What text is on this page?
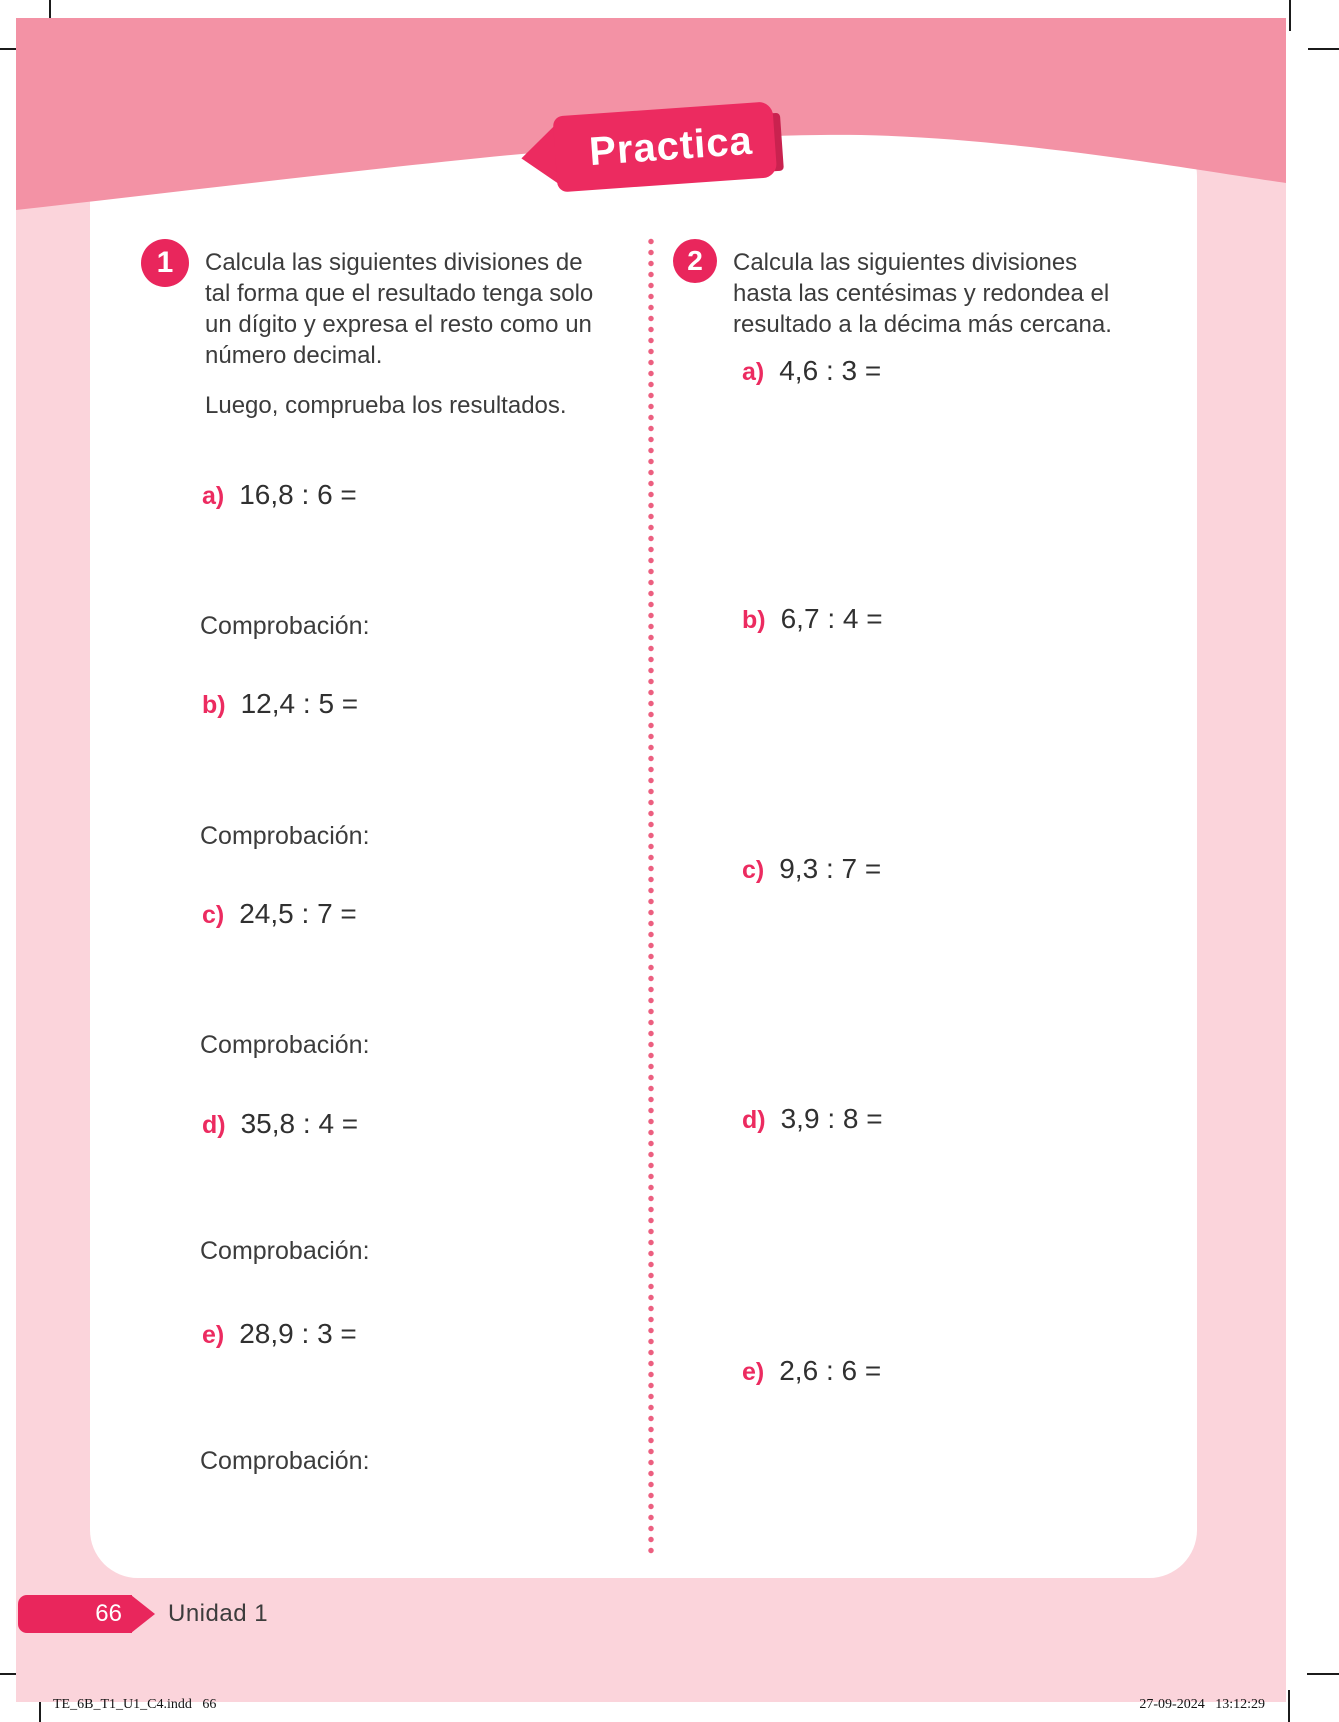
Practica
1	Calcula las siguientes divisiones de
tal forma que el resultado tenga solo
un dígito y expresa el resto como un
número decimal.
Luego, comprueba los resultados.
a) 16,8 : 6 =
Comprobación:
b) 12,4 : 5 =
Comprobación:
c) 24,5 : 7 =
Comprobación:
d) 35,8 : 4 =
Comprobación:
e) 28,9 : 3 =
Comprobación:
2	Calcula las siguientes divisiones
hasta las centésimas y redondea el
resultado a la décima más cercana.
a) 4,6 : 3 =
b) 6,7 : 4 =
c) 9,3 : 7 =
d) 3,9 : 8 =
e) 2,6 : 6 =
66	Unidad 1
TE_6B_T1_U1_C4.indd   66	27-09-2024   13:12:29
